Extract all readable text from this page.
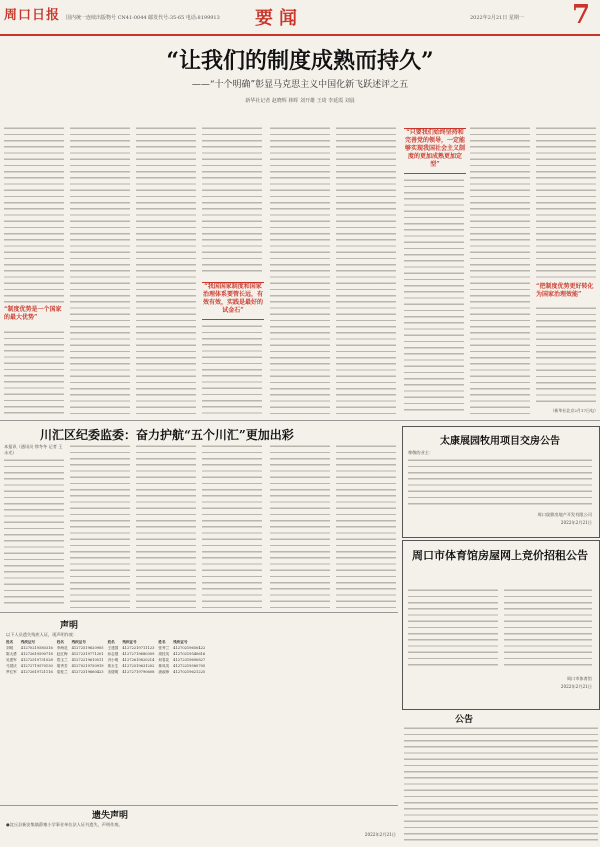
周口日报 国内统一连续出版物号 CN41-0044 邮发代号:35-65 电话:8199913 要闻	2022年2月21日 星期一 7
“让我们的制度成熟而持久”
——“十个明确”彰显马克思主义中国化新飞跃述评之五
新华社记者 赵晓辉 林晖 刘开雄 王琦 李延霞 刘晨
“制度优势是一个国家的最大优势”
“我国国家制度和国家治理体系要管长远，有效有效，实践是最好的试金石”
“只要我们始终坚持和完善党的领导，一定能够实现我国社会主义制度的更加成熟更加定型”
“把制度优势更好转化为国家治理效能”
（新华社北京2月17日电）
川汇区纪委监委：奋力护航“五个川汇”更加出彩
本报讯（通讯员 徐冬冬 记者 王永光）
太康展园牧用项目交房公告
尊敬的业主：
周口晟鼎房地产开发有限公司
2022年2月21日
周口市体育馆房屋网上竞价招租公告
周口市体育馆
2022年2月21日
声明
以下人员遗失残疾人证，现声明作废：
姓名	残疾证号	姓名	残疾证号	姓名	残疾证号	姓名	残疾证号
刘明	41270219580316	李海花	41272519620905	王建国	41272219711123	张秀兰	41270219650422
陈大勇	41272619590718	赵红梅	41272319771201	孙志强	41272719680309	周桂英	41270219540616
吴建军	41272519731028	郑玉兰	41272219610511	冯小明	41272619820214	何春花	41272319690827
马国庆	41272719570130	胡秀芳	41270219750919	郭永生	41272519631202	林凤英	41272219580705
罗红军	41272619721116	梁桂兰	41272319660423	宋德明	41272719790608	唐淑珍	41270219621225
公告
遗失声明
●沈丘县新安集镇薛寨小学事业单位法人证书遗失，声明作废。
2022年2月21日
